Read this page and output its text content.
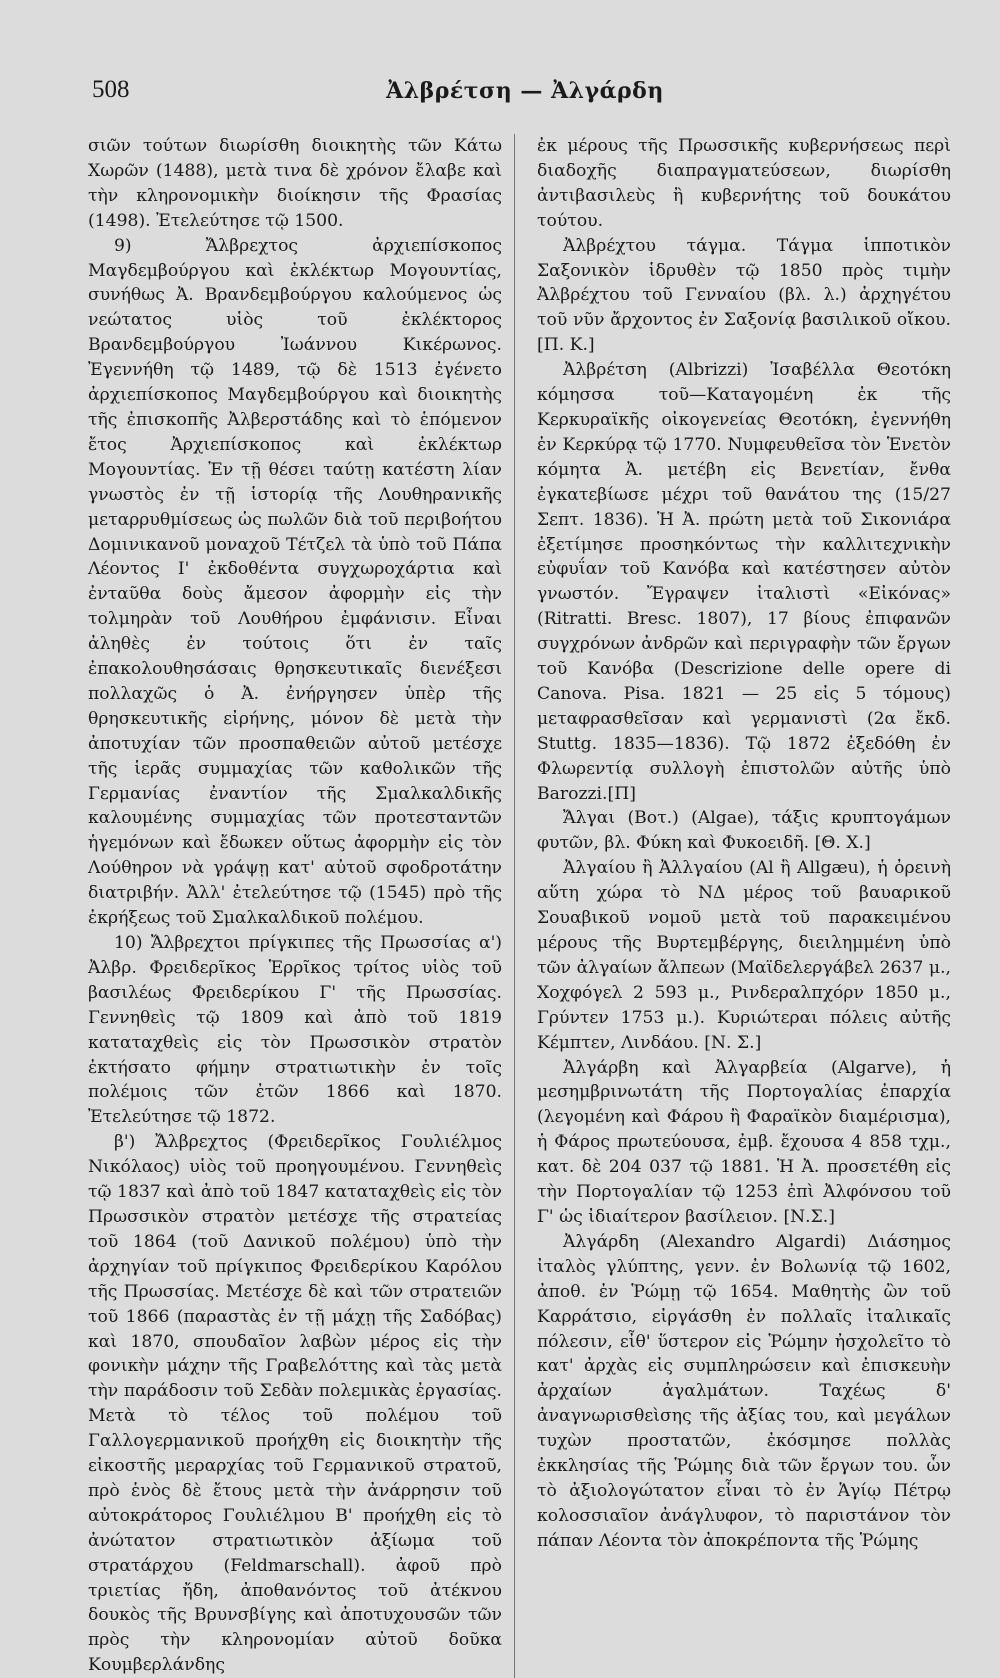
508	Ἀλβρέτση — Ἀλγάρδη

σιῶν τούτων διωρίσθη διοικητὴς τῶν Κάτω Χωρῶν (1488), μετὰ τινα δὲ χρόνον ἔλαβε καὶ τὴν κληρονομικὴν διοίκησιν τῆς Φρασίας (1498). Ἐτελεύτησε τῷ 1500.

9) Ἄλβρεχτος ἀρχιεπίσκοπος Μαγδεμβούργου καὶ ἐκλέκτωρ Μογουντίας, συνήθως Ἀ. Βρανδεμβούργου καλούμενος ὡς νεώτατος υἱὸς τοῦ ἐκλέκτορος Βρανδεμβούργου Ἰωάννου Κικέρωνος. Ἐγεννήθη τῷ 1489, τῷ δὲ 1513 ἐγένετο ἀρχιεπίσκοπος Μαγδεμβούργου καὶ διοικητὴς τῆς ἐπισκοπῆς Ἀλβερστάδης καὶ τὸ ἑπόμενον ἔτος Ἀρχιεπίσκοπος καὶ ἐκλέκτωρ Μογουντίας. Ἐν τῇ θέσει ταύτῃ κατέστη λίαν γνωστὸς ἐν τῇ ἱστορίᾳ τῆς Λουθηρανικῆς μεταρρυθμίσεως ὡς πωλῶν διὰ τοῦ περιβοήτου Δομινικανοῦ μοναχοῦ Τέτζελ τὰ ὑπὸ τοῦ Πάπα Λέοντος Ι' ἐκδοθέντα συγχωροχάρτια καὶ ἐνταῦθα δοὺς ἄμεσον ἀφορμὴν εἰς τὴν τολμηρὰν τοῦ Λουθήρου ἐμφάνισιν. Εἶναι ἀληθὲς ἐν τούτοις ὅτι ἐν ταῖς ἐπακολουθησάσαις θρησκευτικαῖς διενέξεσι πολλαχῶς ὁ Ἀ. ἐνήργησεν ὑπὲρ τῆς θρησκευτικῆς εἰρήνης, μόνον δὲ μετὰ τὴν ἀποτυχίαν τῶν προσπαθειῶν αὐτοῦ μετέσχε τῆς ἱερᾶς συμμαχίας τῶν καθολικῶν τῆς Γερμανίας ἐναντίον τῆς Σμαλκαλδικῆς καλουμένης συμμαχίας τῶν προτεσταντῶν ἡγεμόνων καὶ ἔδωκεν οὕτως ἀφορμὴν εἰς τὸν Λούθηρον νὰ γράψῃ κατ' αὐτοῦ σφοδροτάτην διατριβήν. Ἀλλ' ἐτελεύτησε τῷ (1545) πρὸ τῆς ἐκρήξεως τοῦ Σμαλκαλδικοῦ πολέμου.

10) Ἄλβρεχτοι πρίγκιπες τῆς Πρωσσίας α') Ἀλβρ. Φρειδερῖκος Ἑρρῖκος τρίτος υἱὸς τοῦ βασιλέως Φρειδερίκου Γ' τῆς Πρωσσίας. Γεννηθεὶς τῷ 1809 καὶ ἀπὸ τοῦ 1819 καταταχθεὶς εἰς τὸν Πρωσσικὸν στρατὸν ἐκτήσατο φήμην στρατιωτικὴν ἐν τοῖς πολέμοις τῶν ἐτῶν 1866 καὶ 1870. Ἐτελεύτησε τῷ 1872.

β') Ἄλβρεχτος (Φρειδερῖκος Γουλιέλμος Νικόλαος) υἱὸς τοῦ προηγουμένου. Γεννηθεὶς τῷ 1837 καὶ ἀπὸ τοῦ 1847 καταταχθεὶς εἰς τὸν Πρωσσικὸν στρατὸν μετέσχε τῆς στρατείας τοῦ 1864 (τοῦ Δανικοῦ πολέμου) ὑπὸ τὴν ἀρχηγίαν τοῦ πρίγκιπος Φρειδερίκου Καρόλου τῆς Πρωσσίας. Μετέσχε δὲ καὶ τῶν στρατειῶν τοῦ 1866 (παραστὰς ἐν τῇ μάχῃ τῆς Σαδόβας) καὶ 1870, σπουδαῖον λαβὼν μέρος εἰς τὴν φονικὴν μάχην τῆς Γραβελόττης καὶ τὰς μετὰ τὴν παράδοσιν τοῦ Σεδὰν πολεμικὰς ἐργασίας. Μετὰ τὸ τέλος τοῦ πολέμου τοῦ Γαλλογερμανικοῦ προήχθη εἰς διοικητὴν τῆς εἰκοστῆς μεραρχίας τοῦ Γερμανικοῦ στρατοῦ, πρὸ ἑνὸς δὲ ἔτους μετὰ τὴν ἀνάρρησιν τοῦ αὐτοκράτορος Γουλιέλμου Β' προήχθη εἰς τὸ ἀνώτατον στρατιωτικὸν ἀξίωμα τοῦ στρατάρχου (Feldmarschall). ἀφοῦ πρὸ τριετίας ἤδη, ἀποθανόντος τοῦ ἀτέκνου δουκὸς τῆς Βρυνσβίγης καὶ ἀποτυχουσῶν τῶν πρὸς τὴν κληρονομίαν αὐτοῦ δοῦκα Κουμβερλάνδης

ἐκ μέρους τῆς Πρωσσικῆς κυβερνήσεως περὶ διαδοχῆς διαπραγματεύσεων, διωρίσθη ἀντιβασιλεὺς ἢ κυβερνήτης τοῦ δουκάτου τούτου.

Ἀλβρέχτου τάγμα. Τάγμα ἱπποτικὸν Σαξονικὸν ἱδρυθὲν τῷ 1850 πρὸς τιμὴν Ἀλβρέχτου τοῦ Γενναίου (βλ. λ.) ἀρχηγέτου τοῦ νῦν ἄρχοντος ἐν Σαξονίᾳ βασιλικοῦ οἴκου. [Π. Κ.]

Ἀλβρέτση (Albrizzi) Ἰσαβέλλα Θεοτόκη κόμησσα τοῦ—Καταγομένη ἐκ τῆς Κερκυραϊκῆς οἰκογενείας Θεοτόκη, ἐγεννήθη ἐν Κερκύρᾳ τῷ 1770. Νυμφευθεῖσα τὸν Ἑνετὸν κόμητα Ἀ. μετέβη εἰς Βενετίαν, ἔνθα ἐγκατεβίωσε μέχρι τοῦ θανάτου της (15/27 Σεπτ. 1836). Ἡ Ἀ. πρώτη μετὰ τοῦ Σικονιάρα ἐξετίμησε προσηκόντως τὴν καλλιτεχνικὴν εὐφυΐαν τοῦ Κανόβα καὶ κατέστησεν αὐτὸν γνωστόν. Ἔγραψεν ἰταλιστὶ «Εἰκόνας» (Ritratti. Bresc. 1807), 17 βίους ἐπιφανῶν συγχρόνων ἀνδρῶν καὶ περιγραφὴν τῶν ἔργων τοῦ Κανόβα (Descrizione delle opere di Canova. Pisa. 1821 — 25 εἰς 5 τόμους) μεταφρασθεῖσαν καὶ γερμανιστὶ (2α ἔκδ. Stuttg. 1835—1836). Τῷ 1872 ἐξεδόθη ἐν Φλωρεντίᾳ συλλογὴ ἐπιστολῶν αὐτῆς ὑπὸ Barozzi.[Π]

Ἄλγαι (Βοτ.) (Algae), τάξις κρυπτογάμων φυτῶν, βλ. Φύκη καὶ Φυκοειδῆ. [Θ. Χ.]

Ἀλγαίου ἢ Ἀλλγαίου (Al ἢ Allgæu), ἡ ὀρεινὴ αὕτη χώρα τὸ ΝΔ μέρος τοῦ βαυαρικοῦ Σουαβικοῦ νομοῦ μετὰ τοῦ παρακειμένου μέρους τῆς Βυρτεμβέργης, διειλημμένη ὑπὸ τῶν ἀλγαίων ἄλπεων (Μαϊδελεργάβελ 2637 μ., Χοχφόγελ 2 593 μ., Ρινδεραλπχόρν 1850 μ., Γρύντεν 1753 μ.). Κυριώτεραι πόλεις αὐτῆς Κέμπτεν, Λινδάου. [Ν. Σ.]

Ἀλγάρβη καὶ Ἀλγαρβεία (Algarve), ἡ μεσημβρινωτάτη τῆς Πορτογαλίας ἐπαρχία (λεγομένη καὶ Φάρου ἢ Φαραϊκὸν διαμέρισμα), ἡ Φάρος πρωτεύουσα, ἐμβ. ἔχουσα 4 858 τχμ., κατ. δὲ 204 037 τῷ 1881. Ἡ Ἀ. προσετέθη εἰς τὴν Πορτογαλίαν τῷ 1253 ἐπὶ Ἀλφόνσου τοῦ Γ' ὡς ἰδιαίτερον βασίλειον. [Ν.Σ.]

Ἀλγάρδη (Alexandro Algardi) Διάσημος ἰταλὸς γλύπτης, γενν. ἐν Βολωνίᾳ τῷ 1602, ἀποθ. ἐν Ῥώμῃ τῷ 1654. Μαθητὴς ὢν τοῦ Καρράτσιο, εἰργάσθη ἐν πολλαῖς ἰταλικαῖς πόλεσιν, εἶθ' ὕστερον εἰς Ῥώμην ἠσχολεῖτο τὸ κατ' ἀρχὰς εἰς συμπληρώσειν καὶ ἐπισκευὴν ἀρχαίων ἀγαλμάτων. Ταχέως δ' ἀναγνωρισθεὶσης τῆς ἀξίας του, καὶ μεγάλων τυχὼν προστατῶν, ἐκόσμησε πολλὰς ἐκκλησίας τῆς Ῥώμης διὰ τῶν ἔργων του. ὧν τὸ ἀξιολογώτατον εἶναι τὸ ἐν Ἁγίῳ Πέτρῳ κολοσσιαῖον ἀνάγλυφον, τὸ παριστάνον τὸν πάπαν Λέοντα τὸν ἀποκρέποντα τῆς Ῥώμης
